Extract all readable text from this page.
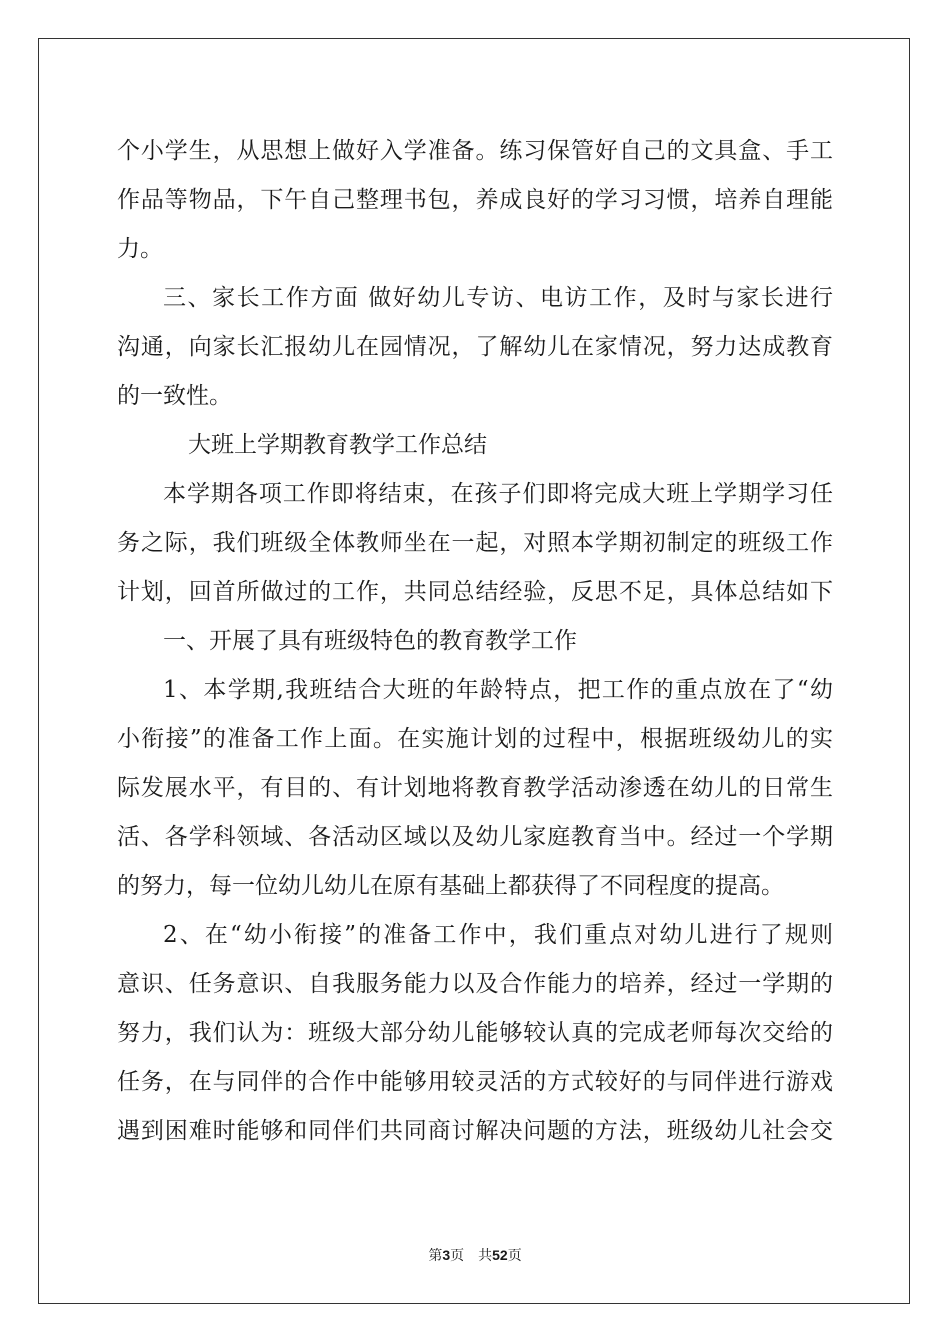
个小学生，从思想上做好入学准备。练习保管好自己的文具盒、手工
作品等物品，下午自己整理书包，养成良好的学习习惯，培养自理能
力。
三、家长工作方面 做好幼儿专访、电访工作，及时与家长进行
沟通，向家长汇报幼儿在园情况，了解幼儿在家情况，努力达成教育
的一致性。
大班上学期教育教学工作总结
本学期各项工作即将结束，在孩子们即将完成大班上学期学习任
务之际，我们班级全体教师坐在一起，对照本学期初制定的班级工作
计划，回首所做过的工作，共同总结经验，反思不足，具体总结如下
一、开展了具有班级特色的教育教学工作
1、本学期,我班结合大班的年龄特点，把工作的重点放在了“幼
小衔接”的准备工作上面。在实施计划的过程中，根据班级幼儿的实
际发展水平，有目的、有计划地将教育教学活动渗透在幼儿的日常生
活、各学科领域、各活动区域以及幼儿家庭教育当中。经过一个学期
的努力，每一位幼儿幼儿在原有基础上都获得了不同程度的提高。
2、在“幼小衔接”的准备工作中，我们重点对幼儿进行了规则
意识、任务意识、自我服务能力以及合作能力的培养，经过一学期的
努力，我们认为：班级大部分幼儿能够较认真的完成老师每次交给的
任务，在与同伴的合作中能够用较灵活的方式较好的与同伴进行游戏
遇到困难时能够和同伴们共同商讨解决问题的方法，班级幼儿社会交
第3页 共52页
